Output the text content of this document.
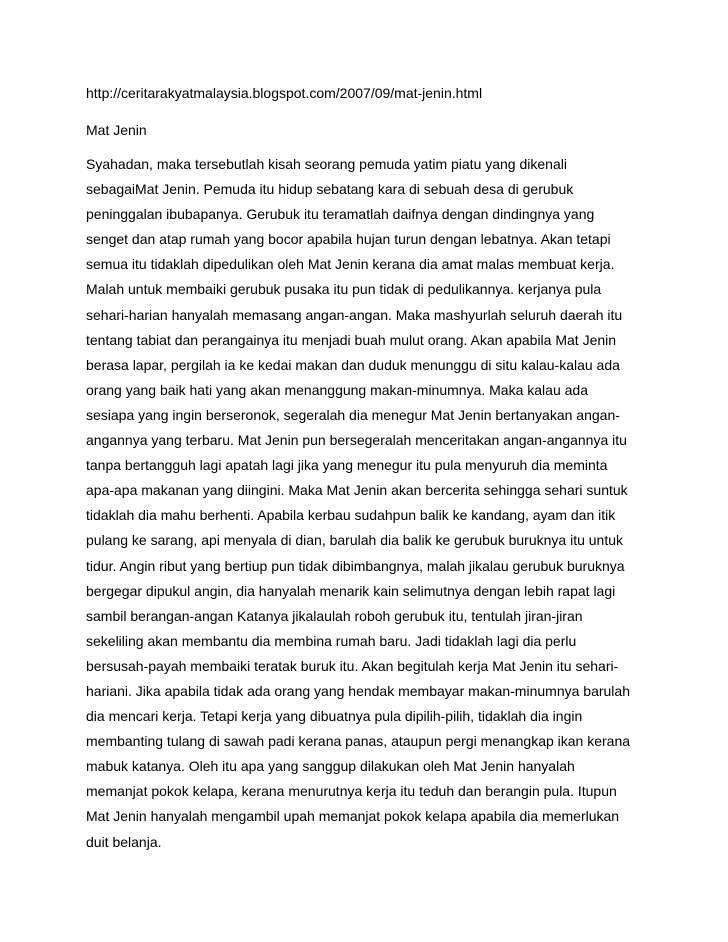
http://ceritarakyatmalaysia.blogspot.com/2007/09/mat-jenin.html
Mat Jenin
Syahadan, maka tersebutlah kisah seorang pemuda yatim piatu yang dikenali
sebagaiMat Jenin. Pemuda itu hidup sebatang kara di sebuah desa di gerubuk
peninggalan ibubapanya. Gerubuk itu teramatlah daifnya dengan dindingnya yang
senget dan atap rumah yang bocor apabila hujan turun dengan lebatnya. Akan tetapi
semua itu tidaklah dipedulikan oleh Mat Jenin kerana dia amat malas membuat kerja.
Malah untuk membaiki gerubuk pusaka itu pun tidak di pedulikannya. kerjanya pula
sehari-harian hanyalah memasang angan-angan. Maka mashyurlah seluruh daerah itu
tentang tabiat dan perangainya itu menjadi buah mulut orang. Akan apabila Mat Jenin
berasa lapar, pergilah ia ke kedai makan dan duduk menunggu di situ kalau-kalau ada
orang yang baik hati yang akan menanggung makan-minumnya. Maka kalau ada
sesiapa yang ingin berseronok, segeralah dia menegur Mat Jenin bertanyakan angan-
angannya yang terbaru. Mat Jenin pun bersegeralah menceritakan angan-angannya itu
tanpa bertangguh lagi apatah lagi jika yang menegur itu pula menyuruh dia meminta
apa-apa makanan yang diingini. Maka Mat Jenin akan bercerita sehingga sehari suntuk
tidaklah dia mahu berhenti. Apabila kerbau sudahpun balik ke kandang, ayam dan itik
pulang ke sarang, api menyala di dian, barulah dia balik ke gerubuk buruknya itu untuk
tidur. Angin ribut yang bertiup pun tidak dibimbangnya, malah jikalau gerubuk buruknya
bergegar dipukul angin, dia hanyalah menarik kain selimutnya dengan lebih rapat lagi
sambil berangan-angan Katanya jikalaulah roboh gerubuk itu, tentulah jiran-jiran
sekeliling akan membantu dia membina rumah baru. Jadi tidaklah lagi dia perlu
bersusah-payah membaiki teratak buruk itu. Akan begitulah kerja Mat Jenin itu sehari-
hariani. Jika apabila tidak ada orang yang hendak membayar makan-minumnya barulah
dia mencari kerja. Tetapi kerja yang dibuatnya pula dipilih-pilih, tidaklah dia ingin
membanting tulang di sawah padi kerana panas, ataupun pergi menangkap ikan kerana
mabuk katanya. Oleh itu apa yang sanggup dilakukan oleh Mat Jenin hanyalah
memanjat pokok kelapa, kerana menurutnya kerja itu teduh dan berangin pula. Itupun
Mat Jenin hanyalah mengambil upah memanjat pokok kelapa apabila dia memerlukan
duit belanja.
